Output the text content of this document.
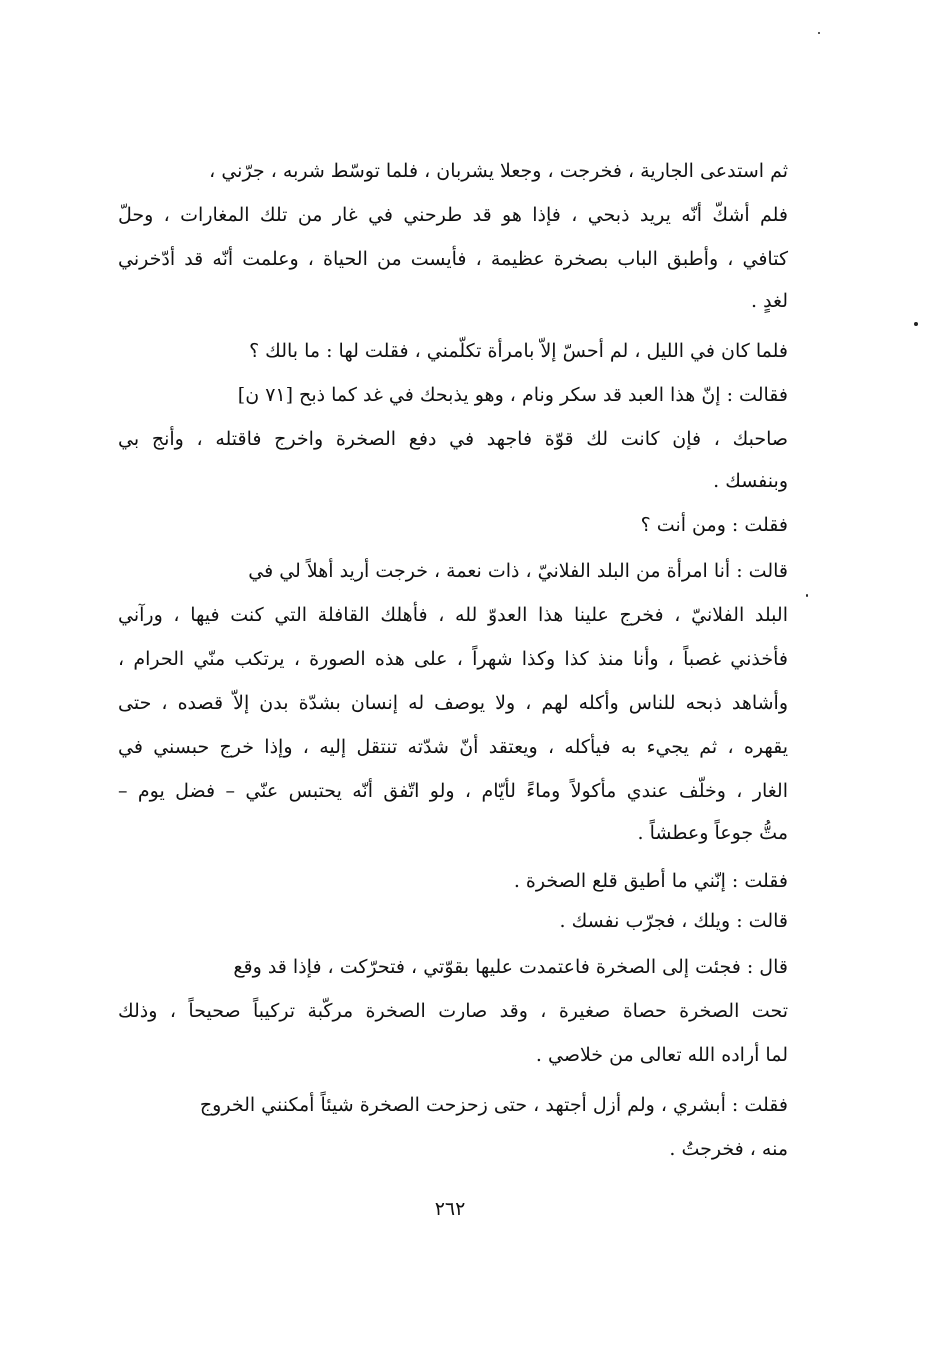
ثم استدعى الجارية ، فخرجت ، وجعلا يشربان ، فلما توسّط شربه ، جرّني ،
فلم أشكّ أنّه يريد ذبحي ، فإذا هو قد طرحني في غار من تلك المغارات ، وحلّ
كتافي ، وأطبق الباب بصخرة عظيمة ، فأيست من الحياة ، وعلمت أنّه قد أدّخرني
لغدٍ .
فلما كان في الليل ، لم أحسّ إلاّ بامرأة تكلّمني ، فقلت لها : ما بالك ؟
فقالت : إنّ هذا العبد قد سكر ونام ، وهو يذبحك في غد كما ذبح [٧١ ن]
صاحبك ، فإن كانت لك قوّة فاجهد في دفع الصخرة واخرج فاقتله ، وأنج بي
وبنفسك .
فقلت : ومن أنت ؟
قالت : أنا امرأة من البلد الفلانيّ ، ذات نعمة ، خرجت أريد أهلاً لي في
البلد الفلانيّ ، فخرج علينا هذا العدوّ لله ، فأهلك القافلة التي كنت فيها ، ورآني
فأخذني غصباً ، وأنا منذ كذا وكذا شهراً ، على هذه الصورة ، يرتكب منّي الحرام ،
وأشاهد ذبحه للناس وأكله لهم ، ولا يوصف له إنسان بشدّة بدن إلاّ قصده ، حتى
يقهره ، ثم يجيء به فيأكله ، ويعتقد أنّ شدّته تنتقل إليه ، وإذا خرج حبسني في
الغار ، وخلّف عندي مأكولاً وماءً لأيّام ، ولو اتّفق أنّه يحتبس عنّي – فضل يوم –
متُّ جوعاً وعطشاً .
فقلت : إنّني ما أطيق قلع الصخرة .
قالت : ويلك ، فجرّب نفسك .
قال : فجئت إلى الصخرة فاعتمدت عليها بقوّتي ، فتحرّكت ، فإذا قد وقع
تحت الصخرة حصاة صغيرة ، وقد صارت الصخرة مركّبة تركيباً صحيحاً ، وذلك
لما أراده الله تعالى من خلاصي .
فقلت : أبشري ، ولم أزل أجتهد ، حتى زحزحت الصخرة شيئاً أمكنني الخروج
منه ، فخرجتُ .
٢٦٢
